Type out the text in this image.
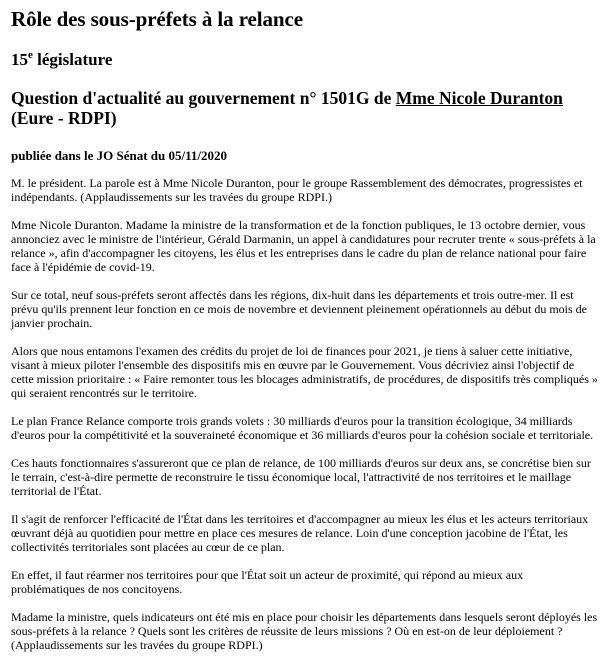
Rôle des sous-préfets à la relance
15e législature
Question d'actualité au gouvernement n° 1501G de Mme Nicole Duranton
(Eure - RDPI)
publiée dans le JO Sénat du 05/11/2020

M. le président. La parole est à Mme Nicole Duranton, pour le groupe Rassemblement des démocrates, progressistes et indépendants. (Applaudissements sur les travées du groupe RDPI.)

Mme Nicole Duranton. Madame la ministre de la transformation et de la fonction publiques, le 13 octobre dernier, vous annonciez avec le ministre de l'intérieur, Gérald Darmanin, un appel à candidatures pour recruter trente « sous-préfets à la relance », afin d'accompagner les citoyens, les élus et les entreprises dans le cadre du plan de relance national pour faire face à l'épidémie de covid-19.

Sur ce total, neuf sous-préfets seront affectés dans les régions, dix-huit dans les départements et trois outre-mer. Il est prévu qu'ils prennent leur fonction en ce mois de novembre et deviennent pleinement opérationnels au début du mois de janvier prochain.

Alors que nous entamons l'examen des crédits du projet de loi de finances pour 2021, je tiens à saluer cette initiative, visant à mieux piloter l'ensemble des dispositifs mis en œuvre par le Gouvernement. Vous décriviez ainsi l'objectif de cette mission prioritaire : « Faire remonter tous les blocages administratifs, de procédures, de dispositifs très compliqués » qui seraient rencontrés sur le territoire.

Le plan France Relance comporte trois grands volets : 30 milliards d'euros pour la transition écologique, 34 milliards d'euros pour la compétitivité et la souveraineté économique et 36 milliards d'euros pour la cohésion sociale et territoriale.

Ces hauts fonctionnaires s'assureront que ce plan de relance, de 100 milliards d'euros sur deux ans, se concrétise bien sur le terrain, c'est-à-dire permette de reconstruire le tissu économique local, l'attractivité de nos territoires et le maillage territorial de l'État.

Il s'agit de renforcer l'efficacité de l'État dans les territoires et d'accompagner au mieux les élus et les acteurs territoriaux œuvrant déjà au quotidien pour mettre en place ces mesures de relance. Loin d'une conception jacobine de l'État, les collectivités territoriales sont placées au cœur de ce plan.

En effet, il faut réarmer nos territoires pour que l'État soit un acteur de proximité, qui répond au mieux aux problématiques de nos concitoyens.

Madame la ministre, quels indicateurs ont été mis en place pour choisir les départements dans lesquels seront déployés les sous-préfets à la relance ? Quels sont les critères de réussite de leurs missions ? Où en est-on de leur déploiement ? (Applaudissements sur les travées du groupe RDPI.)
